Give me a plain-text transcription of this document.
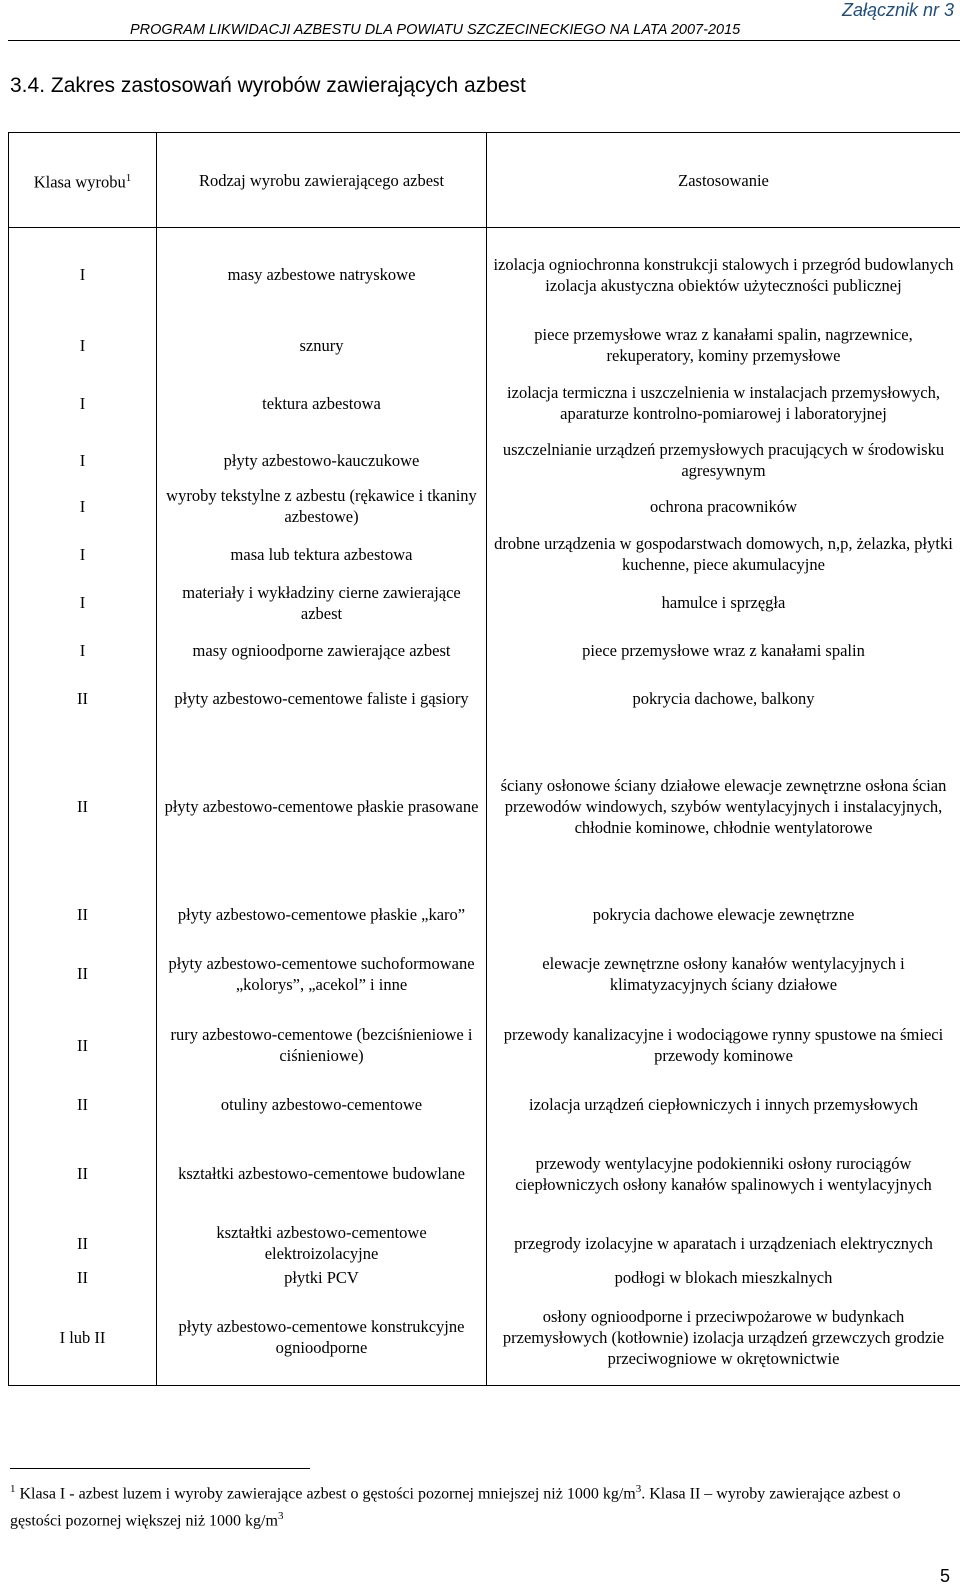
Załącznik nr 3
PROGRAM LIKWIDACJI AZBESTU DLA POWIATU SZCZECINECKIEGO NA LATA 2007-2015
3.4. Zakres zastosowań wyrobów zawierających azbest
Klasa wyrobu$^1$	Rodzaj wyrobu zawierającego azbest	Zastosowanie
I	masy azbestowe natryskowe	izolacja ogniochronna konstrukcji stalowych i przegród budowlanych izolacja akustyczna obiektów użyteczności publicznej
I	sznury	piece przemysłowe wraz z kanałami spalin, nagrzewnice, rekuperatory, kominy przemysłowe
I	tektura azbestowa	izolacja termiczna i uszczelnienia w instalacjach przemysłowych, aparaturze kontrolno-pomiarowej i laboratoryjnej
I	płyty azbestowo-kauczukowe	uszczelnianie urządzeń przemysłowych pracujących w środowisku agresywnym
I	wyroby tekstylne z azbestu (rękawice i tkaniny azbestowe)	ochrona pracowników
I	masa lub tektura azbestowa	drobne urządzenia w gospodarstwach domowych, n,p, żelazka, płytki kuchenne, piece akumulacyjne
I	materiały i wykładziny cierne zawierające azbest	hamulce i sprzęgła
I	masy ognioodporne zawierające azbest	piece przemysłowe wraz z kanałami spalin
II	płyty azbestowo-cementowe faliste i gąsiory	pokrycia dachowe, balkony
II	płyty azbestowo-cementowe płaskie prasowane	ściany osłonowe ściany działowe elewacje zewnętrzne osłona ścian przewodów windowych, szybów wentylacyjnych i instalacyjnych, chłodnie kominowe, chłodnie wentylatorowe
II	płyty azbestowo-cementowe płaskie „karo”	pokrycia dachowe elewacje zewnętrzne
II	płyty azbestowo-cementowe suchoformowane „kolorys”, „acekol” i inne	elewacje zewnętrzne osłony kanałów wentylacyjnych i klimatyzacyjnych ściany działowe
II	rury azbestowo-cementowe (bezciśnieniowe i ciśnieniowe)	przewody kanalizacyjne i wodociągowe rynny spustowe na śmieci przewody kominowe
II	otuliny azbestowo-cementowe	izolacja urządzeń ciepłowniczych i innych przemysłowych
II	kształtki azbestowo-cementowe budowlane	przewody wentylacyjne podokienniki osłony rurociągów ciepłowniczych osłony kanałów spalinowych i wentylacyjnych
II	kształtki azbestowo-cementowe elektroizolacyjne	przegrody izolacyjne w aparatach i urządzeniach elektrycznych
II	płytki PCV	podłogi w blokach mieszkalnych
I lub II	płyty azbestowo-cementowe konstrukcyjne ognioodporne	osłony ognioodporne i przeciwpożarowe w budynkach przemysłowych (kotłownie) izolacja urządzeń grzewczych grodzie przeciwogniowe w okrętownictwie
$^1$ Klasa I - azbest luzem i wyroby zawierające azbest o gęstości pozornej mniejszej niż 1000 $kg/m^3$. Klasa II – wyroby zawierające azbest o gęstości pozornej większej niż 1000 $kg/m^3$
5
